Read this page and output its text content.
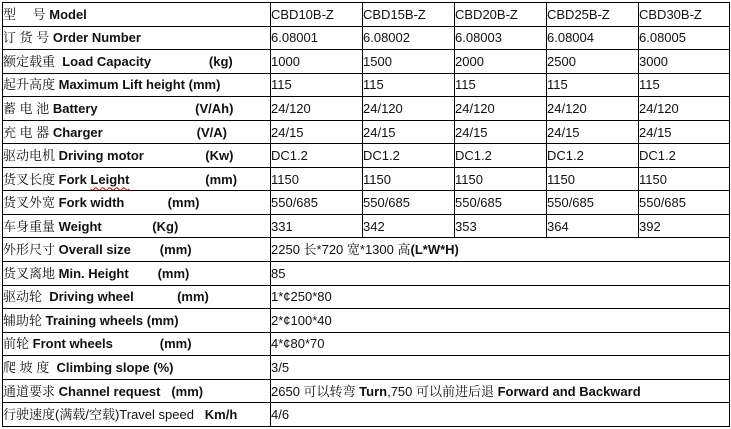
型　 号 Model	CBD10B-Z	CBD15B-Z	CBD20B-Z	CBD25B-Z	CBD30B-Z
订 货 号 Order Number	6.08001	6.08002	6.08003	6.08004	6.08005
额定载重  Load Capacity                (kg)	1000	1500	2000	2500	3000
起升高度 Maximum Lift height (mm)	115	115	115	115	115
蓄 电 池 Battery                           (V/Ah)	24/120	24/120	24/120	24/120	24/120
充 电 器 Charger                          (V/A)	24/15	24/15	24/15	24/15	24/15
驱动电机 Driving motor                 (Kw)	DC1.2	DC1.2	DC1.2	DC1.2	DC1.2
货叉长度 Fork Leight                     (mm)	1150	1150	1150	1150	1150
货叉外宽 Fork width            (mm)	550/685	550/685	550/685	550/685	550/685
车身重量 Weight              (Kg)	331	342	353	364	392
外形尺寸 Overall size        (mm)	2250 长*720 宽*1300 高(L*W*H)				
货叉离地 Min. Height        (mm)	85				
驱动轮  Driving wheel            (mm)	1*¢250*80				
辅助轮 Training wheels (mm)	2*¢100*40				
前轮 Front wheels             (mm)	4*¢80*70				
爬 坡 度  Climbing slope (%)	3/5				
通道要求 Channel request   (mm)	2650 可以转弯 Turn,750 可以前进后退 Forward and Backward				
行驶速度(满载/空载)Travel speed   Km/h	4/6				
